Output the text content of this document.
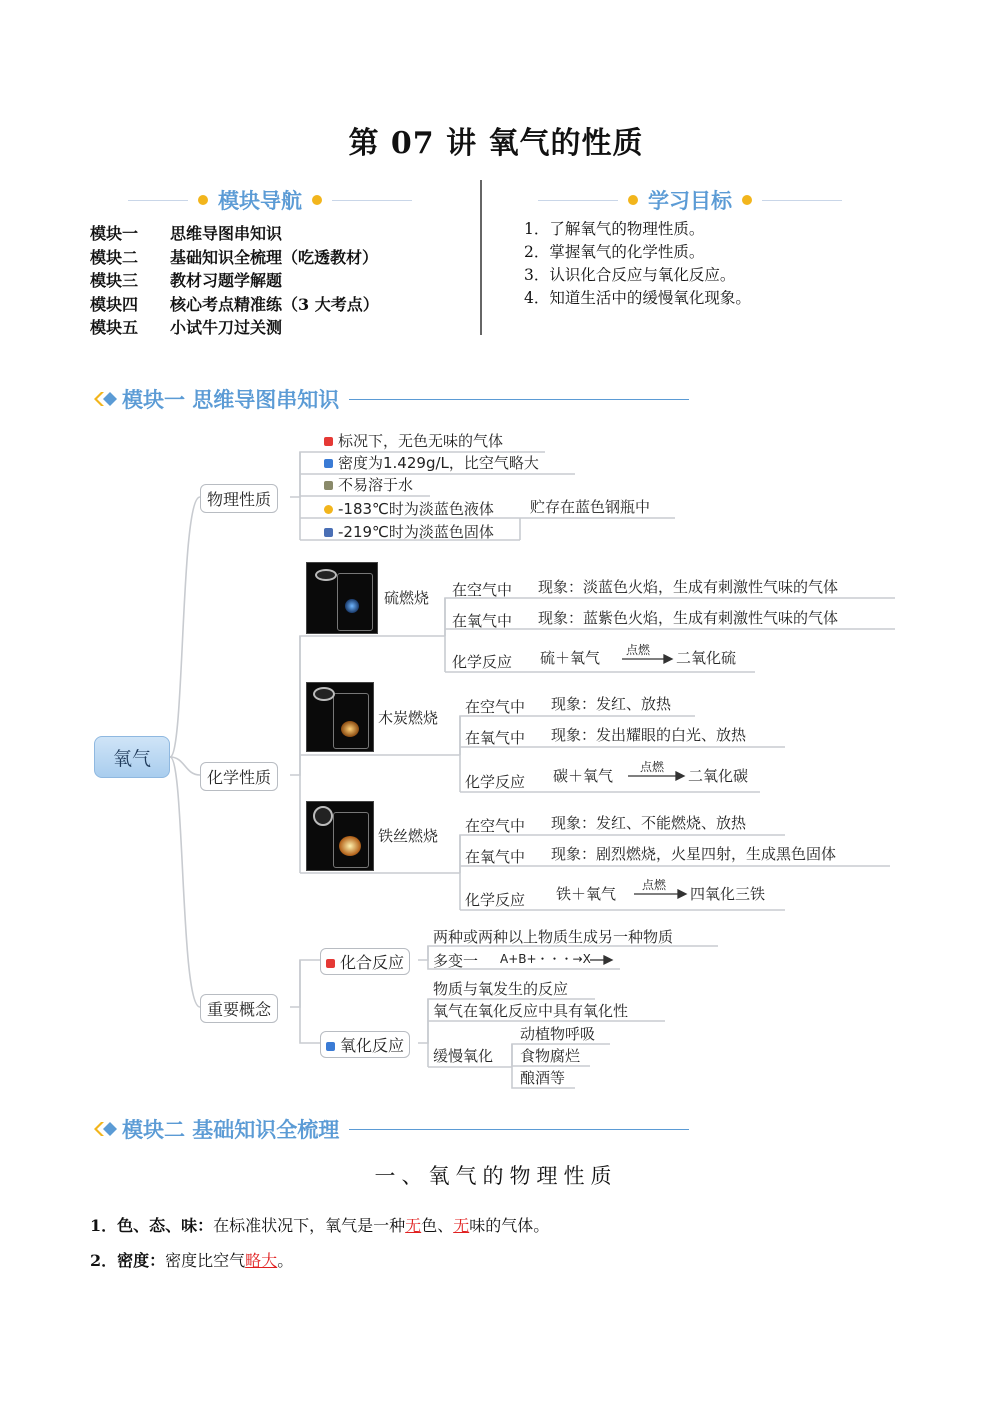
第 07 讲 氧气的性质
模块导航
模块一	思维导图串知识
模块二	基础知识全梳理（吃透教材）
模块三	教材习题学解题
模块四	核心考点精准练（3 大考点）
模块五	小试牛刀过关测
学习目标
1．了解氧气的物理性质。
2．掌握氧气的化学性质。
3．认识化合反应与氧化反应。
4．知道生活中的缓慢氧化现象。
模块一 思维导图串知识
氧气
物理性质
标况下，无色无味的气体
密度为1.429g/L，比空气略大
不易溶于水
-183℃时为淡蓝色液体
-219℃时为淡蓝色固体
贮存在蓝色钢瓶中
化学性质
硫燃烧 在空气中 现象：淡蓝色火焰，生成有刺激性气味的气体
在氧气中 现象：蓝紫色火焰，生成有刺激性气味的气体
化学反应 硫＋氧气 点燃 二氧化硫
木炭燃烧
在空气中 现象：发红、放热
在氧气中 现象：发出耀眼的白光、放热
化学反应 碳＋氧气 点燃 二氧化碳
铁丝燃烧
在空气中 现象：发红、不能燃烧、放热
在氧气中 现象：剧烈燃烧，火星四射，生成黑色固体
化学反应 铁＋氧气 点燃 四氧化三铁
重要概念
化合反应
两种或两种以上物质生成另一种物质
多变一 A+B+・・・→X
氧化反应
物质与氧发生的反应
氧气在氧化反应中具有氧化性
缓慢氧化
动植物呼吸
食物腐烂
酿酒等
模块二 基础知识全梳理
一、氧气的物理性质
1．色、态、味：在标准状况下，氧气是一种无色、无味的气体。
2．密度：密度比空气略大。
